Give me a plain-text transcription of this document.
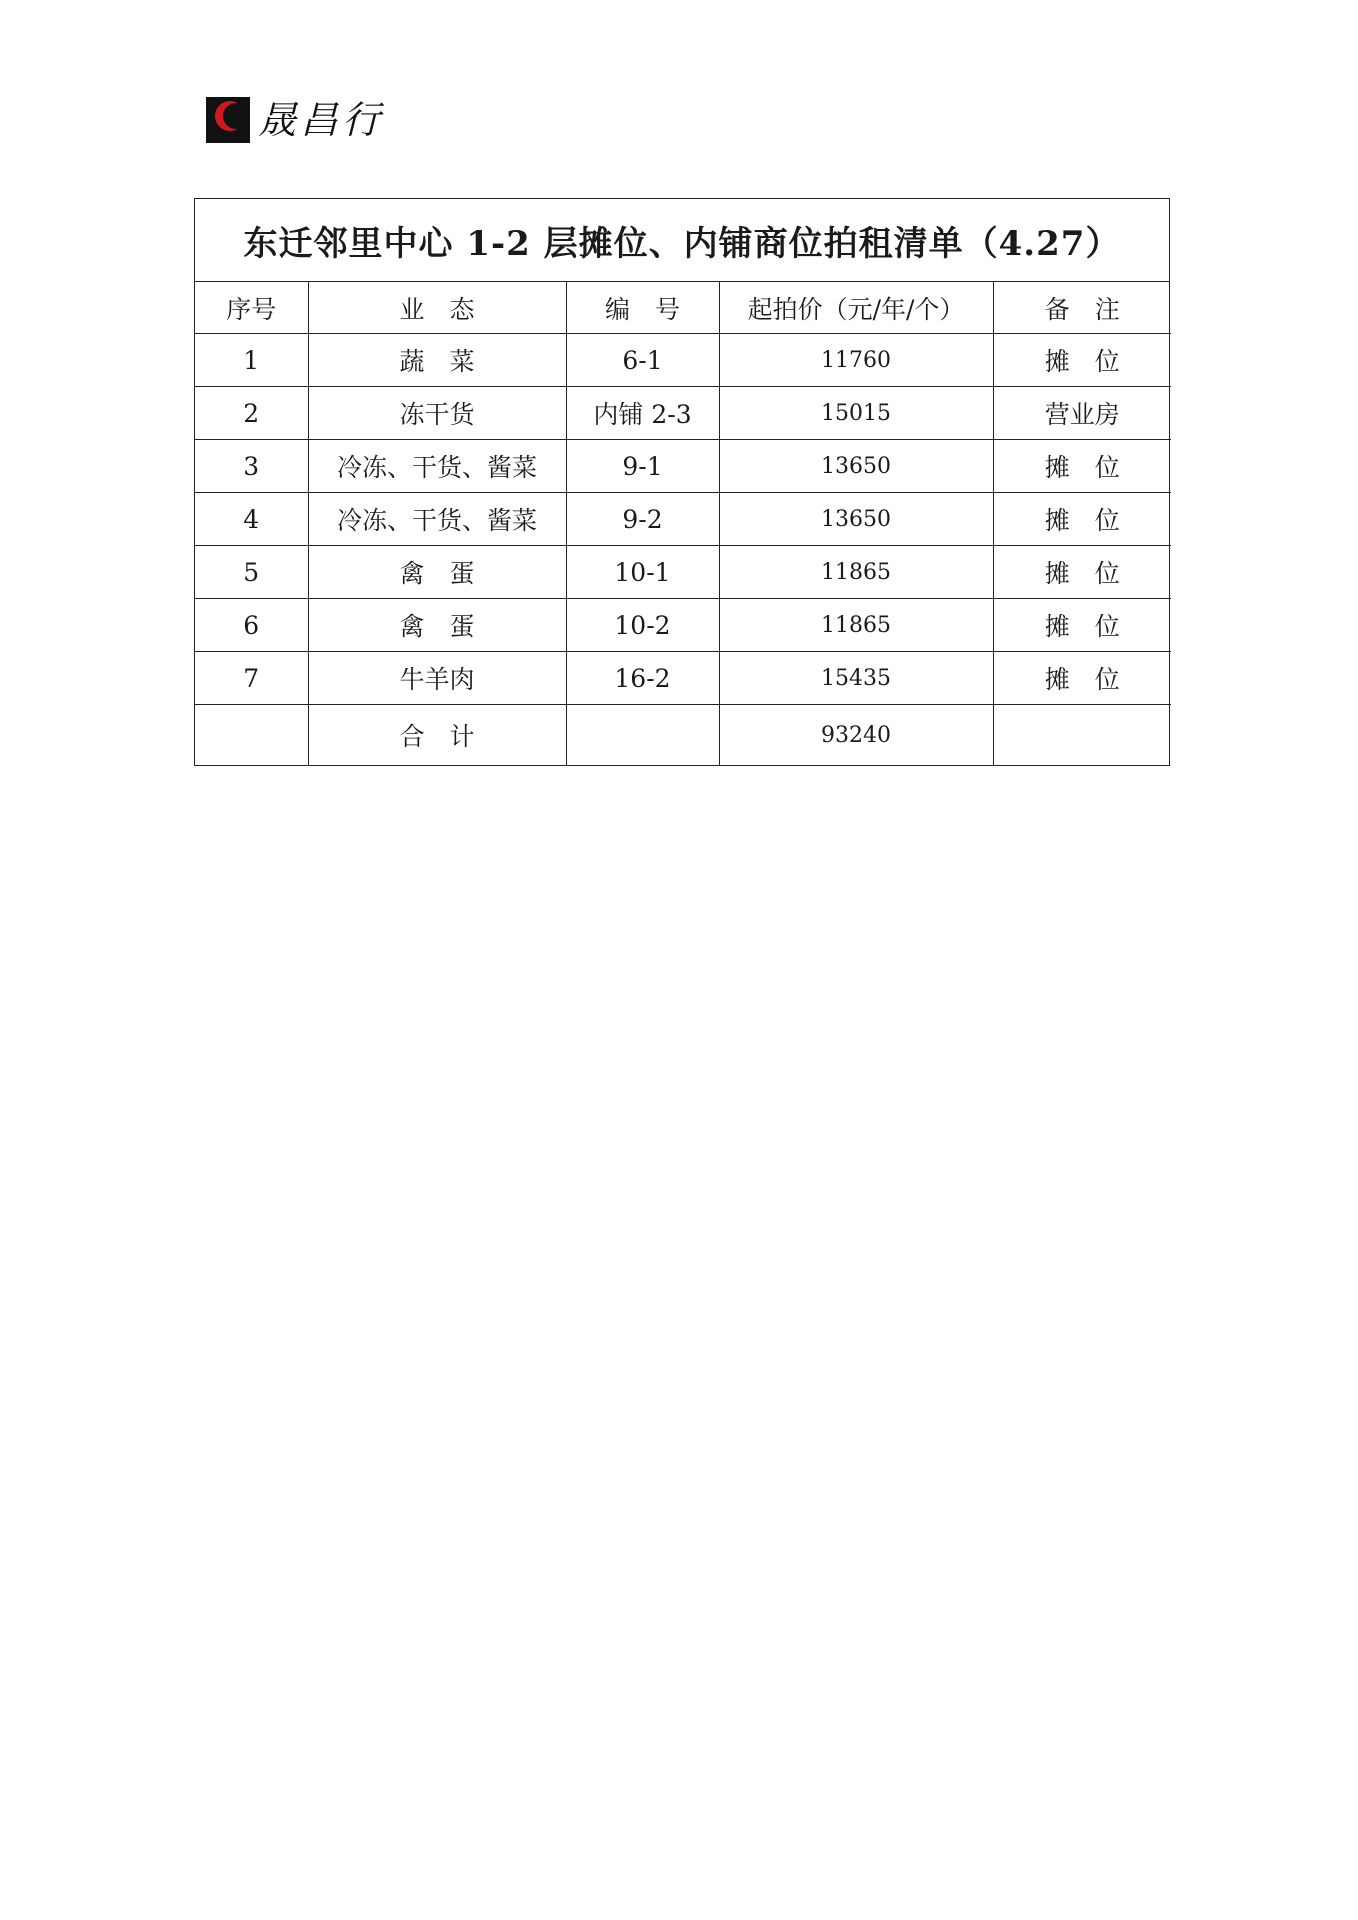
晟昌行
东迁邻里中心 1-2 层摊位、内铺商位拍租清单（4.27）
序号	业　态	编　号	起拍价（元/年/个）	备　注
1	蔬　菜	6-1	11760	摊　位
2	冻干货	内铺 2-3	15015	营业房
3	冷冻、干货、酱菜	9-1	13650	摊　位
4	冷冻、干货、酱菜	9-2	13650	摊　位
5	禽　蛋	10-1	11865	摊　位
6	禽　蛋	10-2	11865	摊　位
7	牛羊肉	16-2	15435	摊　位
	合　计		93240	
